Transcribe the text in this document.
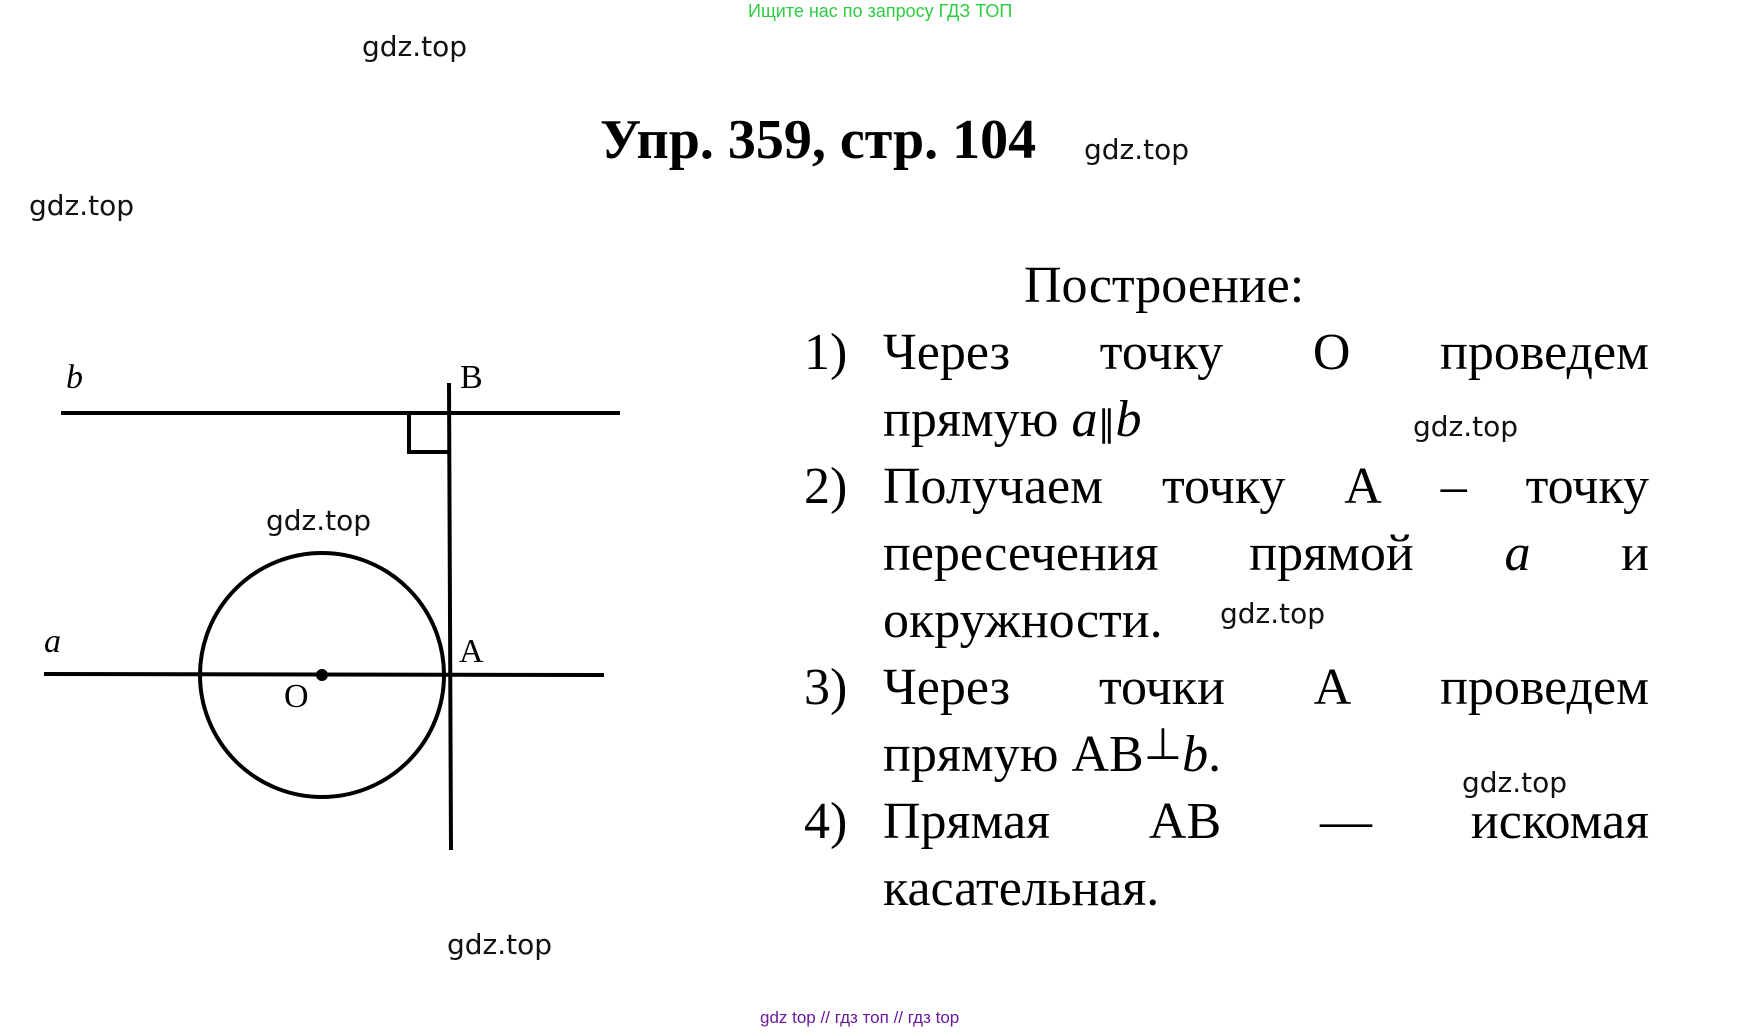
Ищите нас по запросу ГДЗ ТОП
gdz.top
gdz.top
gdz.top
gdz.top
gdz.top
gdz.top
gdz.top
gdz.top
Упр. 359, стр. 104
b	B
a	A
O
Построение:
1) Через точку О проведем
прямую a∥b
2) Получаем точку А – точку
пересечения прямой a и
окружности.
3) Через точки А проведем
прямую АВ⊥b.
4) Прямая АВ — искомая
касательная.
gdz top // гдз топ // гдз top
